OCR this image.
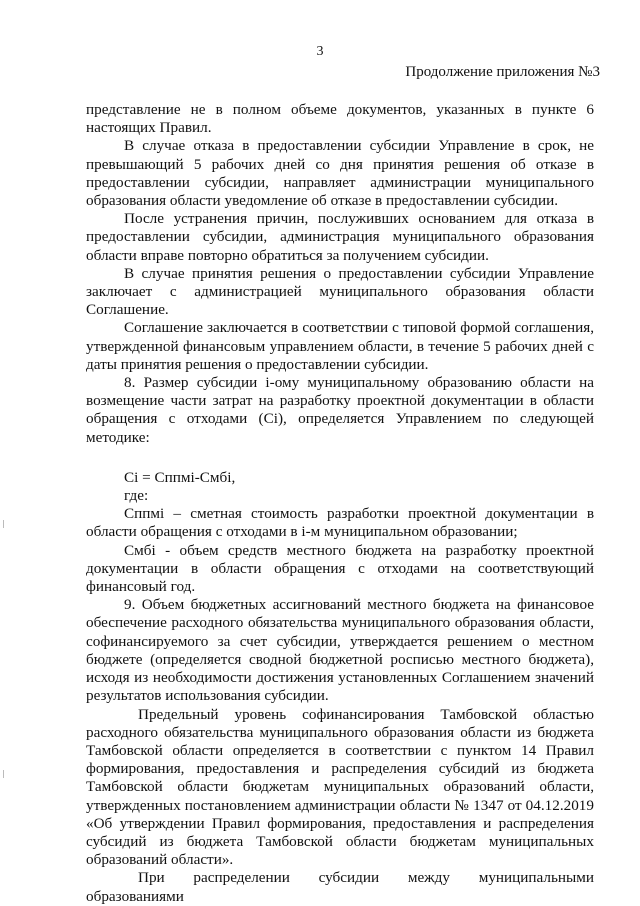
3
Продолжение приложения №3

представление не в полном объеме документов, указанных в пункте 6 настоящих Правил.

В случае отказа в предоставлении субсидии Управление в срок, не превышающий 5 рабочих дней со дня принятия решения об отказе в предоставлении субсидии, направляет администрации муниципального образования области уведомление об отказе в предоставлении субсидии.

После устранения причин, послуживших основанием для отказа в предоставлении субсидии, администрация муниципального образования области вправе повторно обратиться за получением субсидии.

В случае принятия решения о предоставлении субсидии Управление заключает с администрацией муниципального образования области Соглашение.

Соглашение заключается в соответствии с типовой формой соглашения, утвержденной финансовым управлением области, в течение 5 рабочих дней с даты принятия решения о предоставлении субсидии.

8. Размер субсидии i-ому муниципальному образованию области на возмещение части затрат на разработку проектной документации в области обращения с отходами (Сi), определяется Управлением по следующей методике:

Сi = Сппмi-Смбi,

где:

Сппмi – сметная стоимость разработки проектной документации в области обращения с отходами в i-м муниципальном образовании;

Смбi - объем средств местного бюджета на разработку проектной документации в области обращения с отходами на соответствующий финансовый год.

9. Объем бюджетных ассигнований местного бюджета на финансовое обеспечение расходного обязательства муниципального образования области, софинансируемого за счет субсидии, утверждается решением о местном бюджете (определяется сводной бюджетной росписью местного бюджета), исходя из необходимости достижения установленных Соглашением значений результатов использования субсидии.

Предельный уровень софинансирования Тамбовской областью расходного обязательства муниципального образования области из бюджета Тамбовской области определяется в соответствии с пунктом 14 Правил формирования, предоставления и распределения субсидий из бюджета Тамбовской области бюджетам муниципальных образований области, утвержденных постановлением администрации области № 1347 от 04.12.2019 «Об утверждении Правил формирования, предоставления и распределения субсидий из бюджета Тамбовской области бюджетам муниципальных образований области».

При распределении субсидии между муниципальными образованиями
